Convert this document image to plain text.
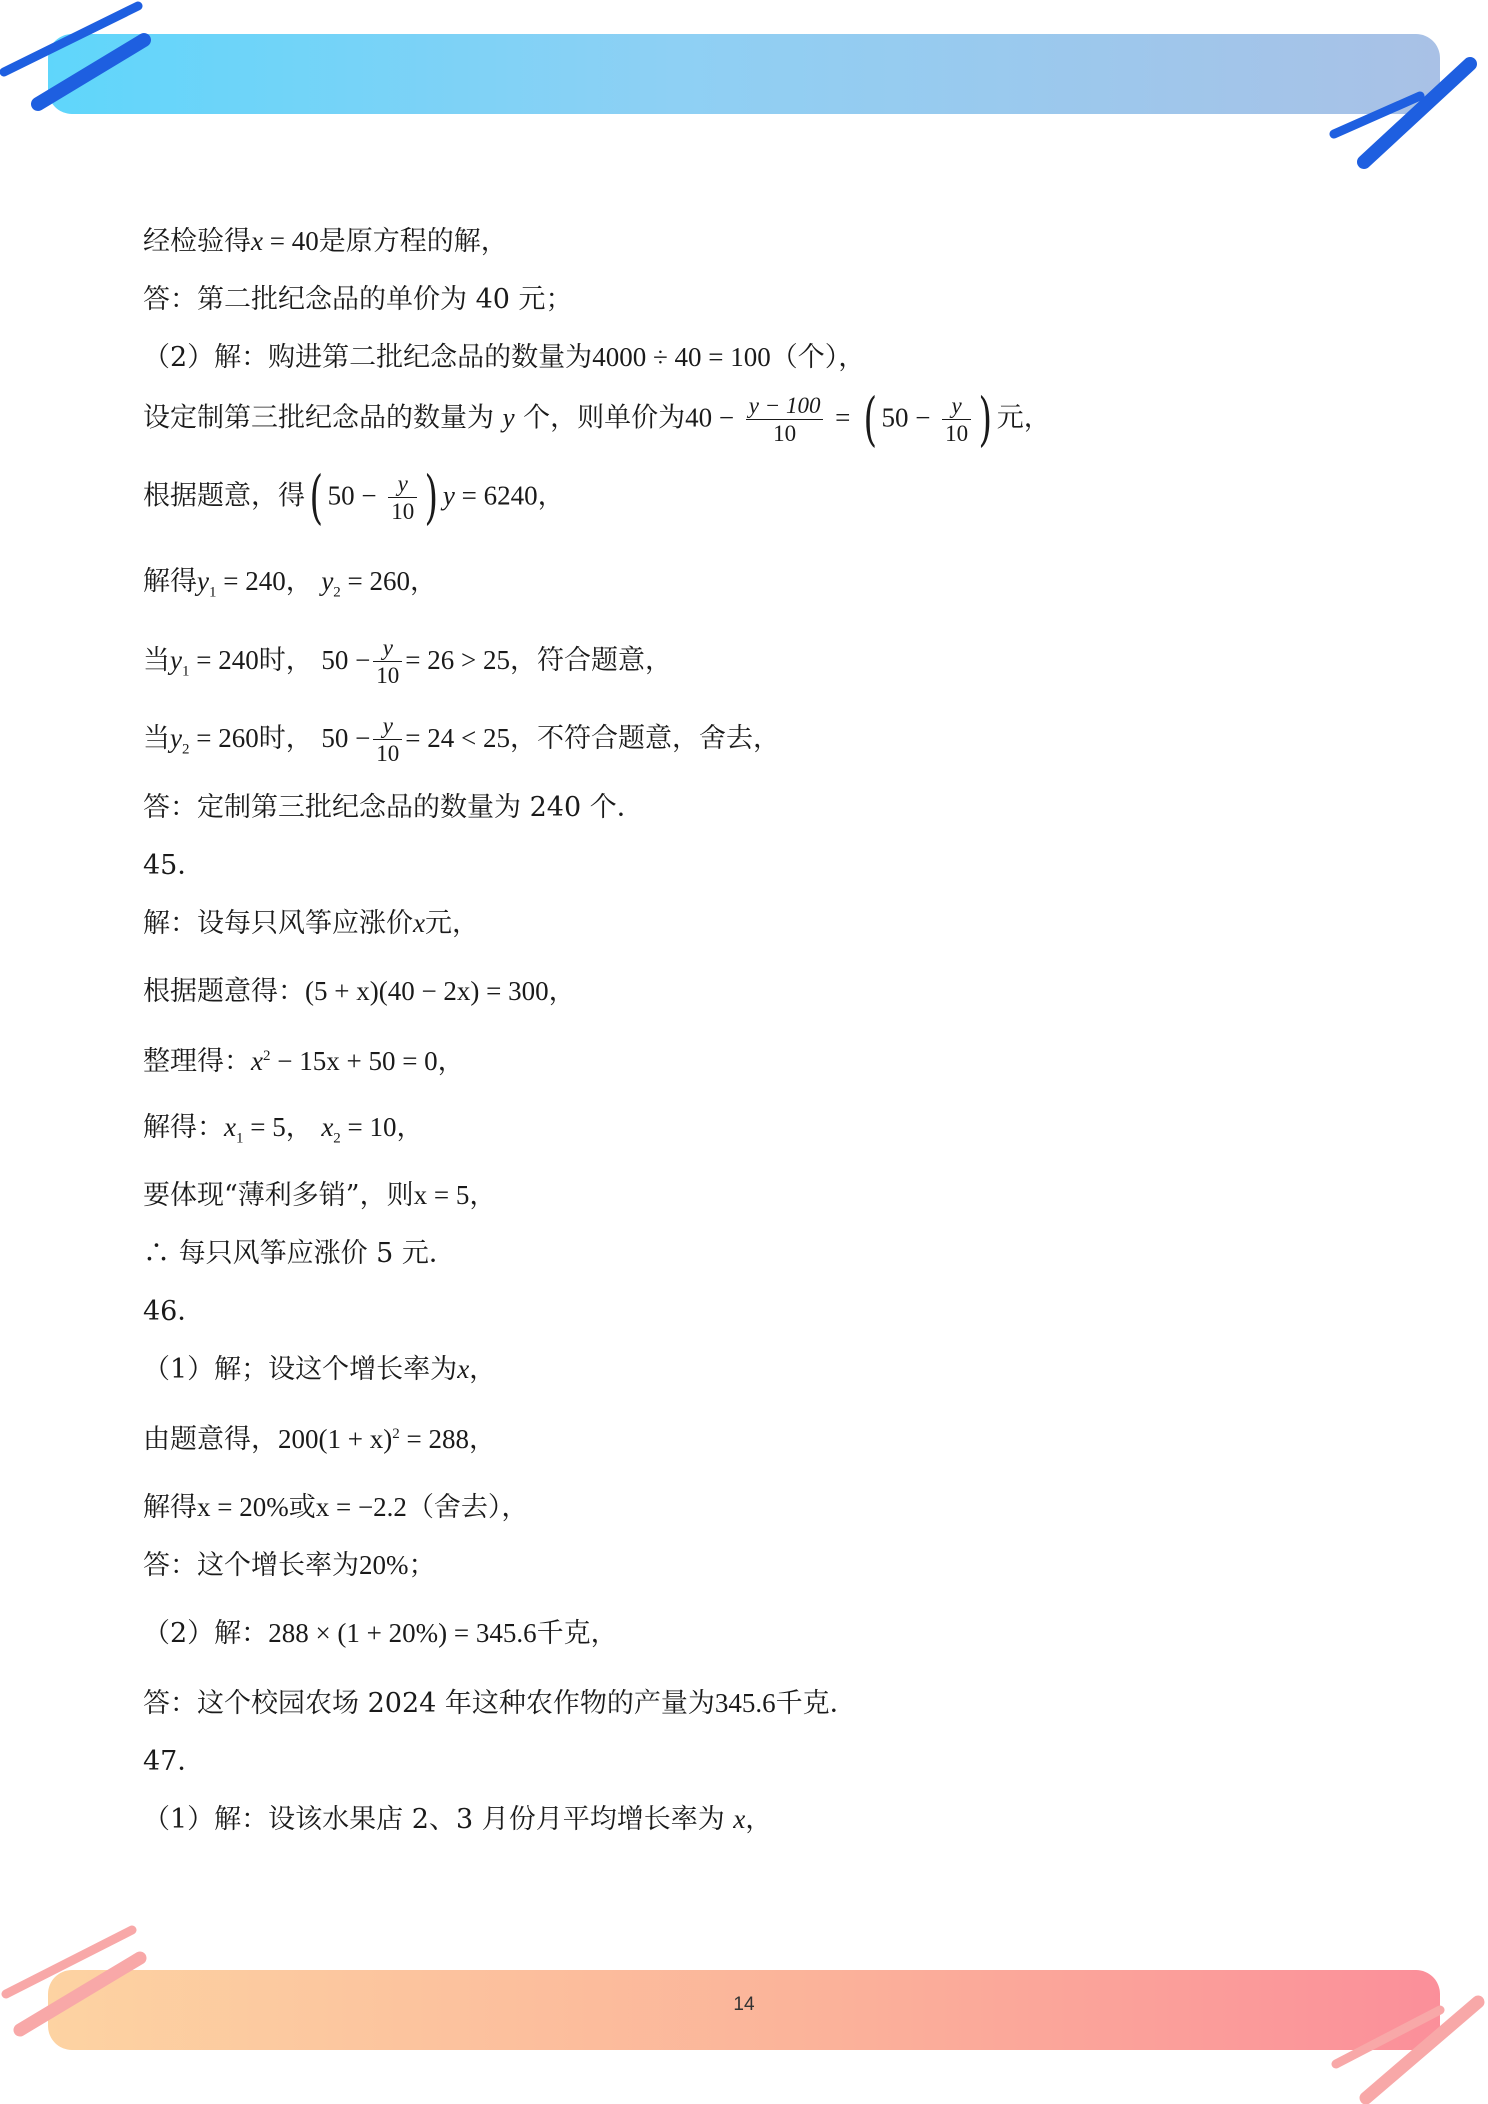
14
经检验得x = 40是原方程的解，
答：第二批纪念品的单价为 40 元；
（2）解：购进第二批纪念品的数量为4000 ÷ 40 = 100（个），
设定制第三批纪念品的数量为 y 个，则单价为$40 - \frac{y - 100}{10}$ = ( $50 - \frac{y}{10}$ ) 元，
根据题意，得( $50 - \frac{y}{10}$ ) y = 6240，
解得$y_1 = 240$， $y_2 = 260$，
当$y_1 = 240$时， $50 - \frac{y}{10} = 26 > 25$，符合题意，
当$y_2 = 260$时， $50 - \frac{y}{10} = 24 < 25$，不符合题意，舍去，
答：定制第三批纪念品的数量为 240 个．
45．
解：设每只风筝应涨价x元，
根据题意得：(5 + x)(40 − 2x) = 300，
整理得：$x^2 - 15x + 50 = 0$，
解得：$x_1 = 5$， $x_2 = 10$，
要体现“薄利多销”，则x = 5，
∴ 每只风筝应涨价 5 元．
46．
（1）解；设这个增长率为x，
由题意得，$200(1 + x)^2 = 288$，
解得x = 20%或x = −2.2（舍去），
答：这个增长率为20%；
（2）解：288 × (1 + 20%) = 345.6千克，
答：这个校园农场 2024 年这种农作物的产量为345.6千克．
47．
（1）解：设该水果店 2、3 月份月平均增长率为 x，
